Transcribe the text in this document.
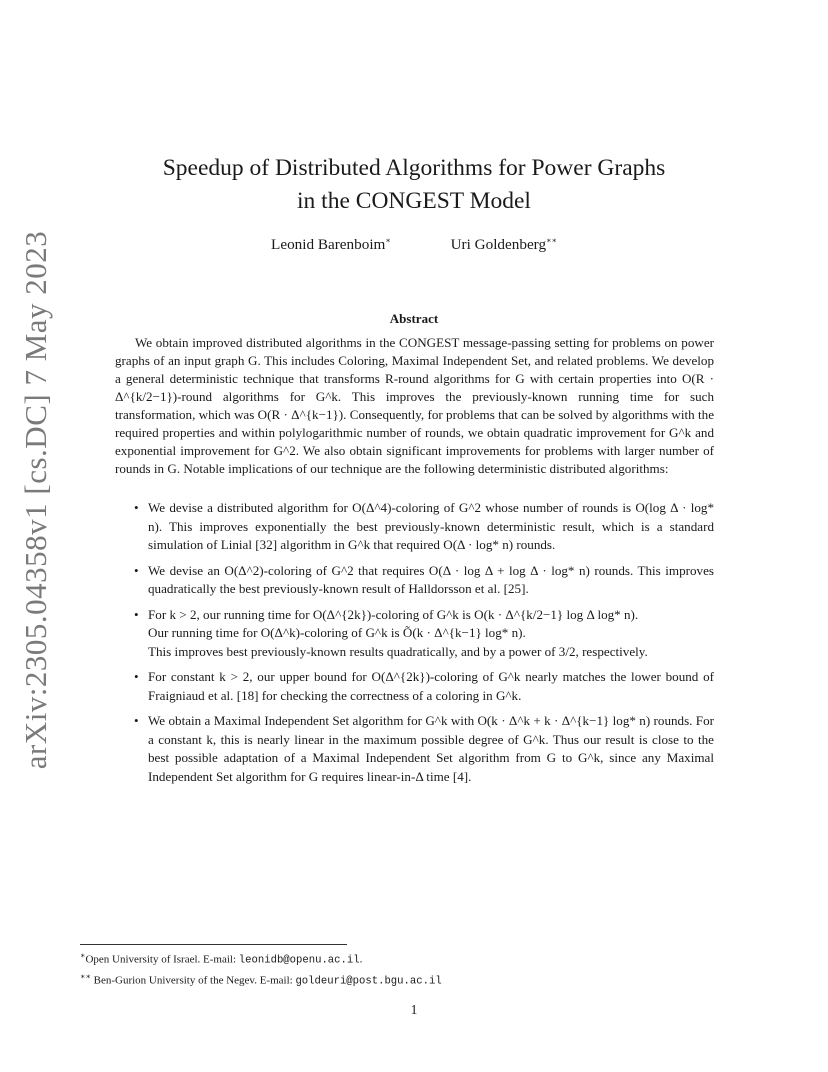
arXiv:2305.04358v1 [cs.DC] 7 May 2023
Speedup of Distributed Algorithms for Power Graphs
in the CONGEST Model
Leonid Barenboim∗	Uri Goldenberg∗∗
Abstract

We obtain improved distributed algorithms in the CONGEST message-passing setting for problems on power graphs of an input graph G. This includes Coloring, Maximal Independent Set, and related problems. We develop a general deterministic technique that transforms R-round algorithms for G with certain properties into O(R · Δ^{k/2−1})-round algorithms for G^k. This improves the previously-known running time for such transformation, which was O(R · Δ^{k−1}). Consequently, for problems that can be solved by algorithms with the required properties and within polylogarithmic number of rounds, we obtain quadratic improvement for G^k and exponential improvement for G^2. We also obtain significant improvements for problems with larger number of rounds in G. Notable implications of our technique are the following deterministic distributed algorithms:

• We devise a distributed algorithm for O(Δ^4)-coloring of G^2 whose number of rounds is O(log Δ · log* n). This improves exponentially the best previously-known deterministic result, which is a standard simulation of Linial [32] algorithm in G^k that required O(Δ · log* n) rounds.
• We devise an O(Δ^2)-coloring of G^2 that requires O(Δ · log Δ + log Δ · log* n) rounds. This improves quadratically the best previously-known result of Halldorsson et al. [25].
• For k > 2, our running time for O(Δ^{2k})-coloring of G^k is O(k · Δ^{k/2−1} log Δ log* n).
Our running time for O(Δ^k)-coloring of G^k is Õ(k · Δ^{k−1} log* n).
This improves best previously-known results quadratically, and by a power of 3/2, respectively.
• For constant k > 2, our upper bound for O(Δ^{2k})-coloring of G^k nearly matches the lower bound of Fraigniaud et al. [18] for checking the correctness of a coloring in G^k.
• We obtain a Maximal Independent Set algorithm for G^k with O(k · Δ^k + k · Δ^{k−1} log* n) rounds. For a constant k, this is nearly linear in the maximum possible degree of G^k. Thus our result is close to the best possible adaptation of a Maximal Independent Set algorithm from G to G^k, since any Maximal Independent Set algorithm for G requires linear-in-Δ time [4].
∗Open University of Israel. E-mail: leonidb@openu.ac.il.
∗∗ Ben-Gurion University of the Negev. E-mail: goldeuri@post.bgu.ac.il
1
